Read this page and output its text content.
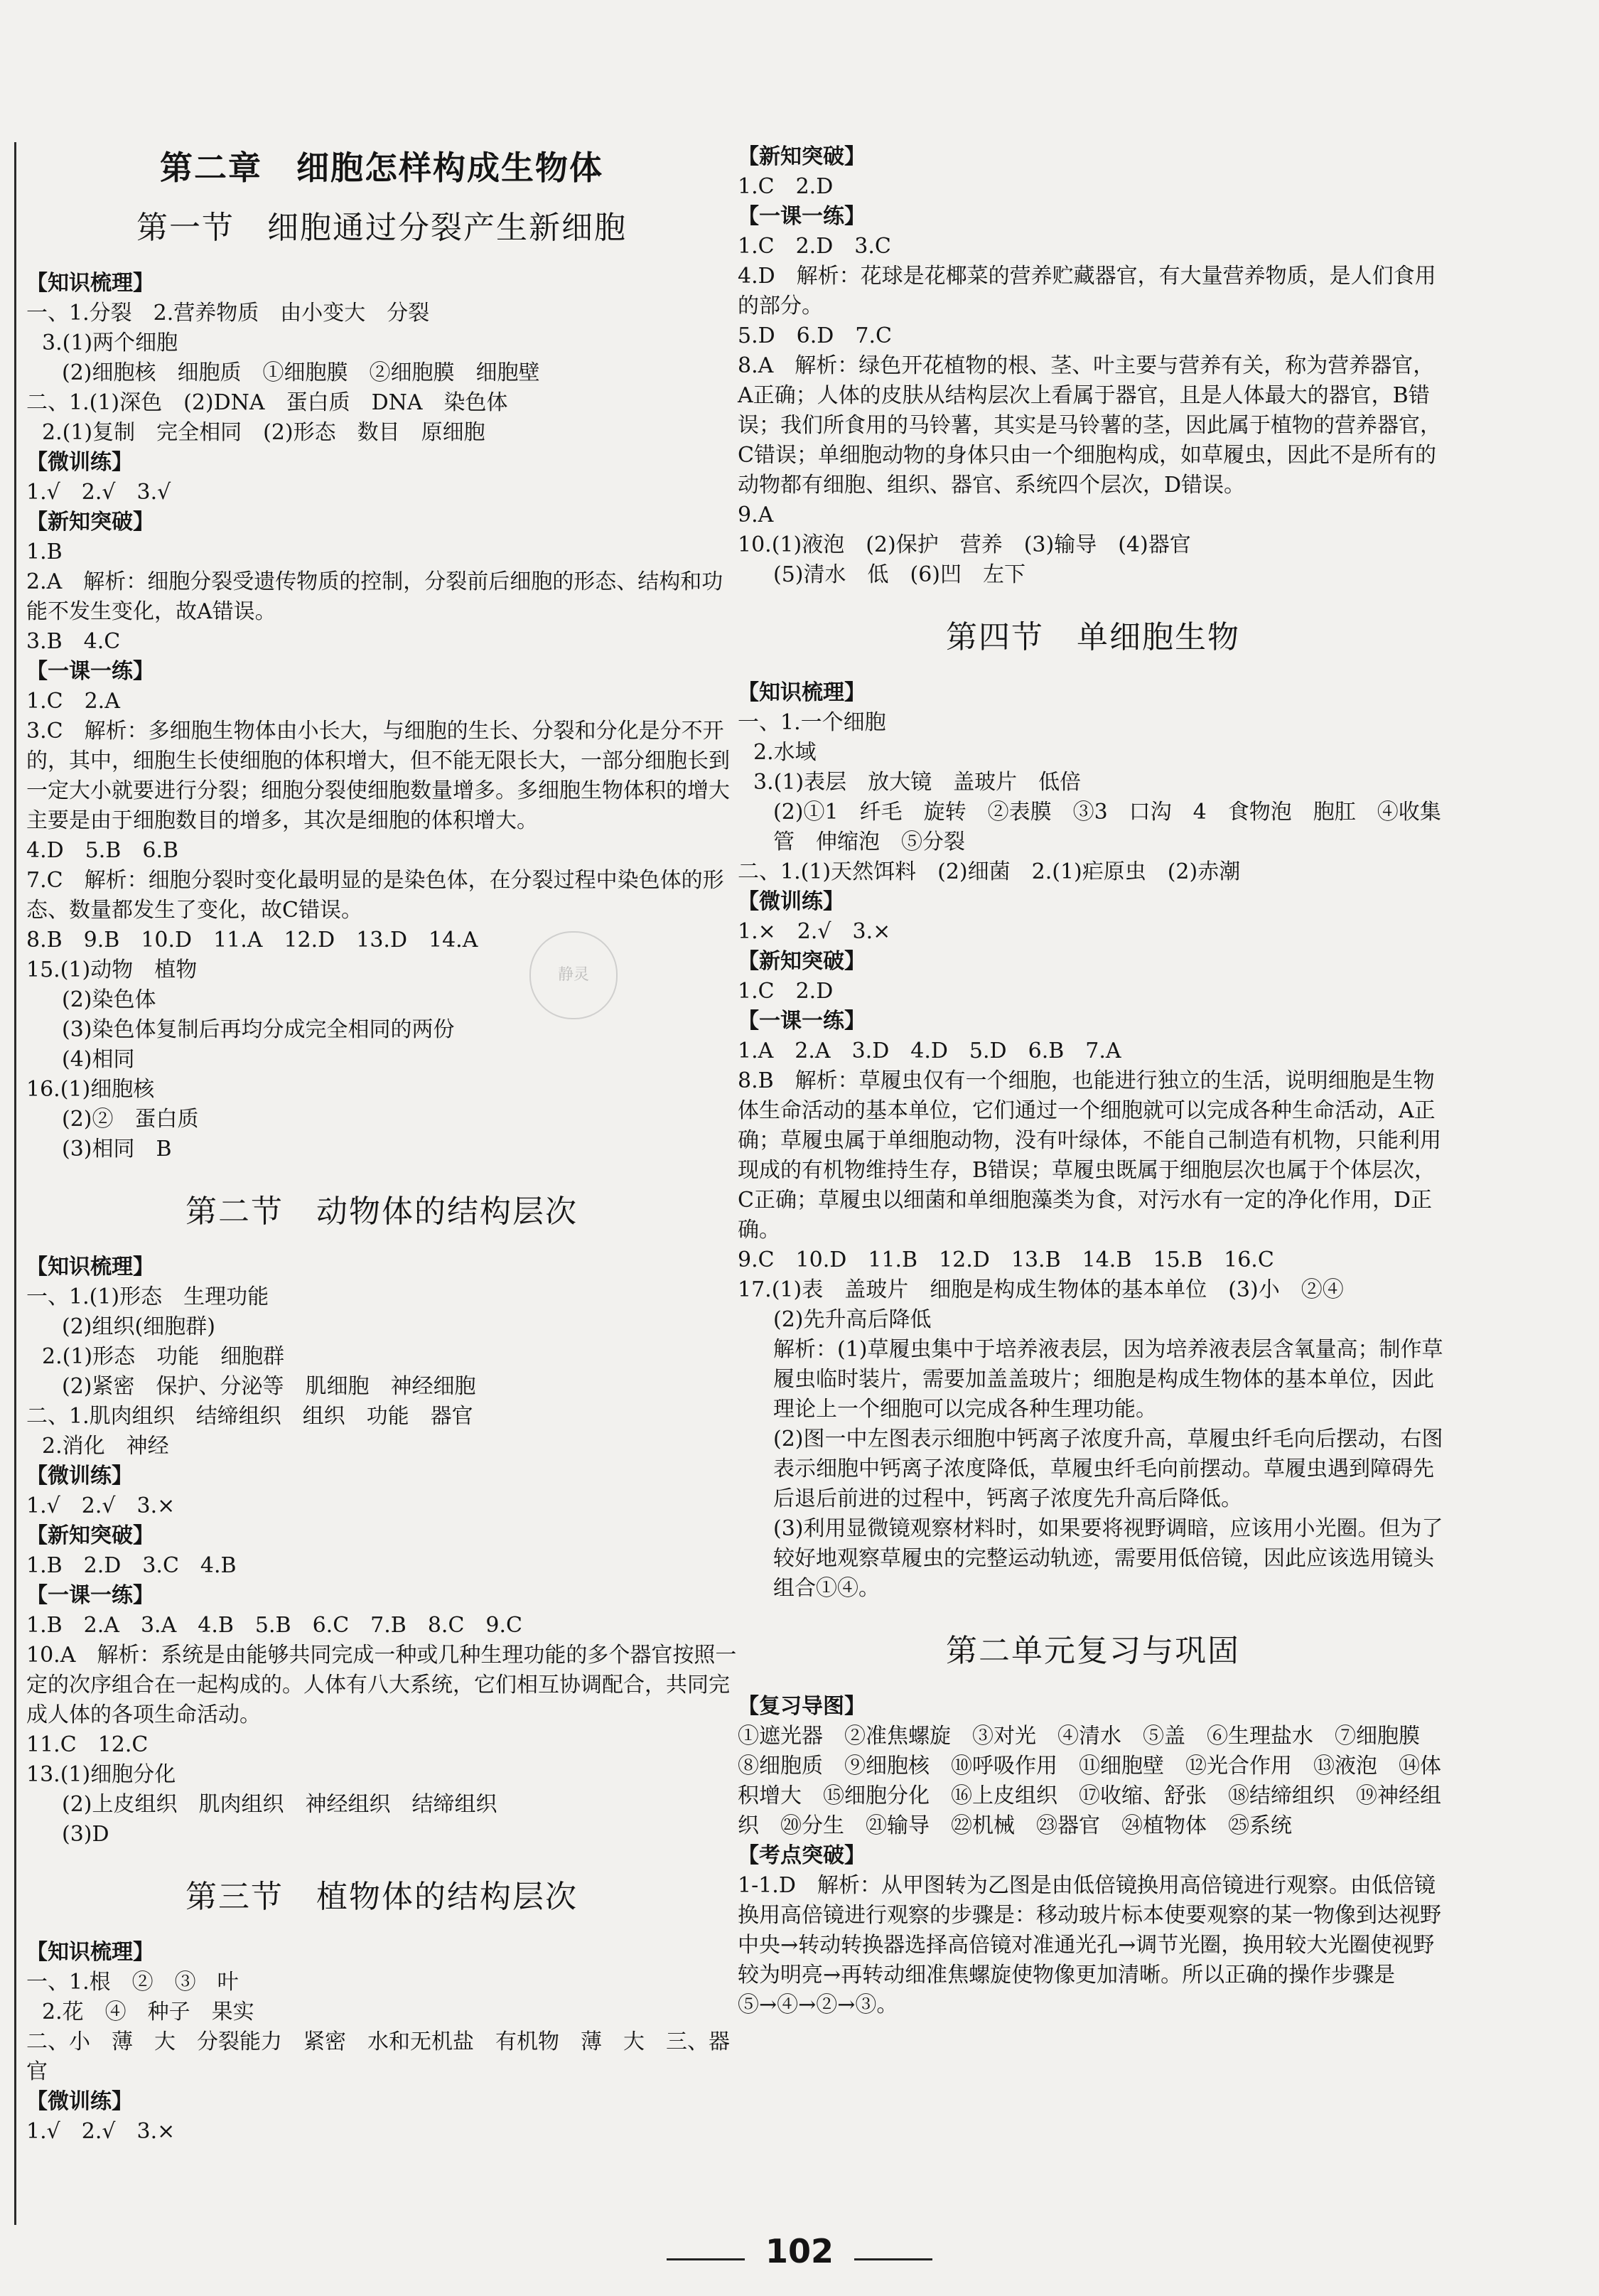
第二章　细胞怎样构成生物体
第一节　细胞通过分裂产生新细胞
【知识梳理】
一、1.分裂　2.营养物质　由小变大　分裂
3.(1)两个细胞
(2)细胞核　细胞质　①细胞膜　②细胞膜　细胞壁
二、1.(1)深色　(2)DNA　蛋白质　DNA　染色体
2.(1)复制　完全相同　(2)形态　数目　原细胞
【微训练】
1.√　2.√　3.√
【新知突破】
1.B
2.A　解析：细胞分裂受遗传物质的控制，分裂前后细胞的形态、结构和功能不发生变化，故A错误。
3.B　4.C
【一课一练】
1.C　2.A
3.C　解析：多细胞生物体由小长大，与细胞的生长、分裂和分化是分不开的，其中，细胞生长使细胞的体积增大，但不能无限长大，一部分细胞长到一定大小就要进行分裂；细胞分裂使细胞数量增多。多细胞生物体积的增大主要是由于细胞数目的增多，其次是细胞的体积增大。
4.D　5.B　6.B
7.C　解析：细胞分裂时变化最明显的是染色体，在分裂过程中染色体的形态、数量都发生了变化，故C错误。
8.B　9.B　10.D　11.A　12.D　13.D　14.A
15.(1)动物　植物
(2)染色体
(3)染色体复制后再均分成完全相同的两份
(4)相同
16.(1)细胞核
(2)②　蛋白质
(3)相同　B
第二节　动物体的结构层次
【知识梳理】
一、1.(1)形态　生理功能
(2)组织(细胞群)
2.(1)形态　功能　细胞群
(2)紧密　保护、分泌等　肌细胞　神经细胞
二、1.肌肉组织　结缔组织　组织　功能　器官
2.消化　神经
【微训练】
1.√　2.√　3.×
【新知突破】
1.B　2.D　3.C　4.B
【一课一练】
1.B　2.A　3.A　4.B　5.B　6.C　7.B　8.C　9.C
10.A　解析：系统是由能够共同完成一种或几种生理功能的多个器官按照一定的次序组合在一起构成的。人体有八大系统，它们相互协调配合，共同完成人体的各项生命活动。
11.C　12.C
13.(1)细胞分化
(2)上皮组织　肌肉组织　神经组织　结缔组织
(3)D
第三节　植物体的结构层次
【知识梳理】
一、1.根　②　③　叶
2.花　④　种子　果实
二、小　薄　大　分裂能力　紧密　水和无机盐　有机物　薄　大　三、器官
【微训练】
1.√　2.√　3.×
【新知突破】
1.C　2.D
【一课一练】
1.C　2.D　3.C
4.D　解析：花球是花椰菜的营养贮藏器官，有大量营养物质，是人们食用的部分。
5.D　6.D　7.C
8.A　解析：绿色开花植物的根、茎、叶主要与营养有关，称为营养器官，A正确；人体的皮肤从结构层次上看属于器官，且是人体最大的器官，B错误；我们所食用的马铃薯，其实是马铃薯的茎，因此属于植物的营养器官，C错误；单细胞动物的身体只由一个细胞构成，如草履虫，因此不是所有的动物都有细胞、组织、器官、系统四个层次，D错误。
9.A
10.(1)液泡　(2)保护　营养　(3)输导　(4)器官
(5)清水　低　(6)凹　左下
第四节　单细胞生物
【知识梳理】
一、1.一个细胞
2.水域
3.(1)表层　放大镜　盖玻片　低倍
(2)①1　纤毛　旋转　②表膜　③3　口沟　4　食物泡　胞肛　④收集管　伸缩泡　⑤分裂
二、1.(1)天然饵料　(2)细菌　2.(1)疟原虫　(2)赤潮
【微训练】
1.×　2.√　3.×
【新知突破】
1.C　2.D
【一课一练】
1.A　2.A　3.D　4.D　5.D　6.B　7.A
8.B　解析：草履虫仅有一个细胞，也能进行独立的生活，说明细胞是生物体生命活动的基本单位，它们通过一个细胞就可以完成各种生命活动，A正确；草履虫属于单细胞动物，没有叶绿体，不能自己制造有机物，只能利用现成的有机物维持生存，B错误；草履虫既属于细胞层次也属于个体层次，C正确；草履虫以细菌和单细胞藻类为食，对污水有一定的净化作用，D正确。
9.C　10.D　11.B　12.D　13.B　14.B　15.B　16.C
17.(1)表　盖玻片　细胞是构成生物体的基本单位　(3)小　②④
(2)先升高后降低
解析：(1)草履虫集中于培养液表层，因为培养液表层含氧量高；制作草履虫临时装片，需要加盖盖玻片；细胞是构成生物体的基本单位，因此理论上一个细胞可以完成各种生理功能。
(2)图一中左图表示细胞中钙离子浓度升高，草履虫纤毛向后摆动，右图表示细胞中钙离子浓度降低，草履虫纤毛向前摆动。草履虫遇到障碍先后退后前进的过程中，钙离子浓度先升高后降低。
(3)利用显微镜观察材料时，如果要将视野调暗，应该用小光圈。但为了较好地观察草履虫的完整运动轨迹，需要用低倍镜，因此应该选用镜头组合①④。
第二单元复习与巩固
【复习导图】
①遮光器　②准焦螺旋　③对光　④清水　⑤盖　⑥生理盐水　⑦细胞膜　⑧细胞质　⑨细胞核　⑩呼吸作用　⑪细胞壁　⑫光合作用　⑬液泡　⑭体积增大　⑮细胞分化　⑯上皮组织　⑰收缩、舒张　⑱结缔组织　⑲神经组织　⑳分生　㉑输导　㉒机械　㉓器官　㉔植物体　㉕系统
【考点突破】
1-1.D　解析：从甲图转为乙图是由低倍镜换用高倍镜进行观察。由低倍镜换用高倍镜进行观察的步骤是：移动玻片标本使要观察的某一物像到达视野中央→转动转换器选择高倍镜对准通光孔→调节光圈，换用较大光圈使视野较为明亮→再转动细准焦螺旋使物像更加清晰。所以正确的操作步骤是⑤→④→②→③。
静灵
102
